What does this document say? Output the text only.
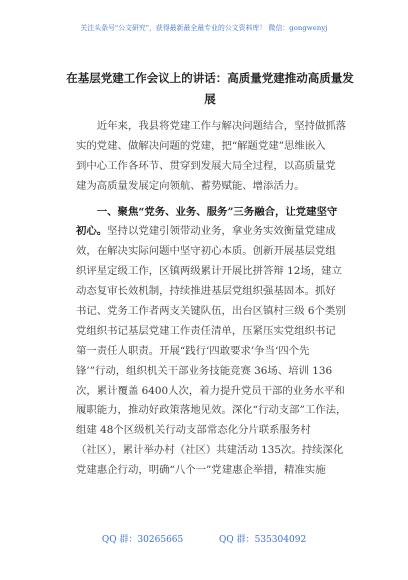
关注头条号"公文研究"，获得最新最全最专业的公文资料库！ 微信：gongwenyj
在基层党建工作会议上的讲话：高质量党建推动高质量发
展
　　近年来，我县将党建工作与解决问题结合，坚持做抓落
实的党建、做解决问题的党建，把“解题党建”思维嵌入
到中心工作各环节、贯穿到发展大局全过程，以高质量党
建为高质量发展定向领航、蓄势赋能、增添活力。
　　一、聚焦“党务、业务、服务”三务融合，让党建坚守
初心。坚持以党建引领带动业务，拿业务实效衡量党建成
效，在解决实际问题中坚守初心本质。创新开展基层党组
织评星定级工作，区镇两级累计开展比拼答辩 12场，建立
动态复审长效机制，持续推进基层党组织强基固本。抓好
书记、党务工作者两支关键队伍，出台区镇村三级 6个类别
党组织书记基层党建工作责任清单，压紧压实党组织书记
第一责任人职责。开展“践行‘四敢要求’争当‘四个先
锋’”行动，组织机关干部业务技能竞赛 36场、培训 136
次，累计覆盖 6400人次，着力提升党员干部的业务水平和
履职能力，推动好政策落地见效。深化“行动支部”工作法，
组建 48个区级机关行动支部常态化分片联系服务村
（社区），累计举办村（社区）共建活动 135次。持续深化
党建惠企行动，明确“八个一”党建惠企举措，精准实施
QQ 群：30265665	QQ 群：535304092
